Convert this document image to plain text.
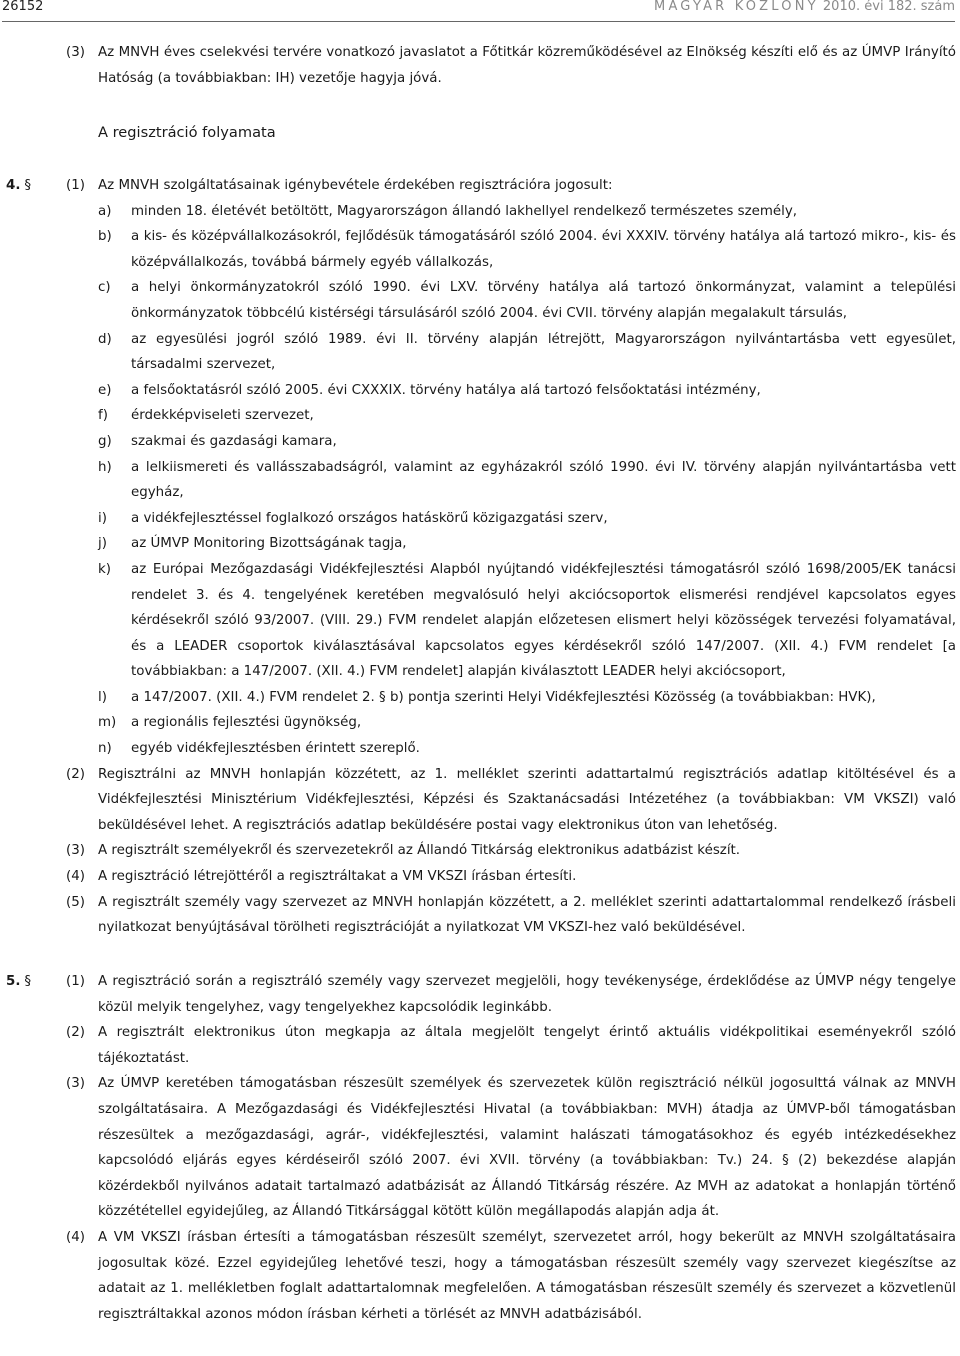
26152	MAGYAR KÖZLÖNY 2010. évi 182. szám
(3) Az MNVH éves cselekvési tervére vonatkozó javaslatot a Főtitkár közreműködésével az Elnökség készíti elő és az ÚMVP Irányító Hatóság (a továbbiakban: IH) vezetője hagyja jóvá.
A regisztráció folyamata
4. §	(1) Az MNVH szolgáltatásainak igénybevétele érdekében regisztrációra jogosult:
a) minden 18. életévét betöltött, Magyarországon állandó lakhellyel rendelkező természetes személy,
b) a kis- és középvállalkozásokról, fejlődésük támogatásáról szóló 2004. évi XXXIV. törvény hatálya alá tartozó mikro-, kis- és középvállalkozás, továbbá bármely egyéb vállalkozás,
c) a helyi önkormányzatokról szóló 1990. évi LXV. törvény hatálya alá tartozó önkormányzat, valamint a települési önkormányzatok többcélú kistérségi társulásáról szóló 2004. évi CVII. törvény alapján megalakult társulás,
d) az egyesülési jogról szóló 1989. évi II. törvény alapján létrejött, Magyarországon nyilvántartásba vett egyesület, társadalmi szervezet,
e) a felsőoktatásról szóló 2005. évi CXXXIX. törvény hatálya alá tartozó felsőoktatási intézmény,
f) érdekképviseleti szervezet,
g) szakmai és gazdasági kamara,
h) a lelkiismereti és vallásszabadságról, valamint az egyházakról szóló 1990. évi IV. törvény alapján nyilvántartásba vett egyház,
i) a vidékfejlesztéssel foglalkozó országos hatáskörű közigazgatási szerv,
j) az ÚMVP Monitoring Bizottságának tagja,
k) az Európai Mezőgazdasági Vidékfejlesztési Alapból nyújtandó vidékfejlesztési támogatásról szóló 1698/2005/EK tanácsi rendelet 3. és 4. tengelyének keretében megvalósuló helyi akciócsoportok elismerési rendjével kapcsolatos egyes kérdésekről szóló 93/2007. (VIII. 29.) FVM rendelet alapján előzetesen elismert helyi közösségek tervezési folyamatával, és a LEADER csoportok kiválasztásával kapcsolatos egyes kérdésekről szóló 147/2007. (XII. 4.) FVM rendelet [a továbbiakban: a 147/2007. (XII. 4.) FVM rendelet] alapján kiválasztott LEADER helyi akciócsoport,
l) a 147/2007. (XII. 4.) FVM rendelet 2. § b) pontja szerinti Helyi Vidékfejlesztési Közösség (a továbbiakban: HVK),
m) a regionális fejlesztési ügynökség,
n) egyéb vidékfejlesztésben érintett szereplő.
(2) Regisztrálni az MNVH honlapján közzétett, az 1. melléklet szerinti adattartalmú regisztrációs adatlap kitöltésével és a Vidékfejlesztési Minisztérium Vidékfejlesztési, Képzési és Szaktanácsadási Intézetéhez (a továbbiakban: VM VKSZI) való beküldésével lehet. A regisztrációs adatlap beküldésére postai vagy elektronikus úton van lehetőség.
(3) A regisztrált személyekről és szervezetekről az Állandó Titkárság elektronikus adatbázist készít.
(4) A regisztráció létrejöttéről a regisztráltakat a VM VKSZI írásban értesíti.
(5) A regisztrált személy vagy szervezet az MNVH honlapján közzétett, a 2. melléklet szerinti adattartalommal rendelkező írásbeli nyilatkozat benyújtásával törölheti regisztrációját a nyilatkozat VM VKSZI-hez való beküldésével.
5. §	(1) A regisztráció során a regisztráló személy vagy szervezet megjelöli, hogy tevékenysége, érdeklődése az ÚMVP négy tengelye közül melyik tengelyhez, vagy tengelyekhez kapcsolódik leginkább.
(2) A regisztrált elektronikus úton megkapja az általa megjelölt tengelyt érintő aktuális vidékpolitikai eseményekről szóló tájékoztatást.
(3) Az ÚMVP keretében támogatásban részesült személyek és szervezetek külön regisztráció nélkül jogosulttá válnak az MNVH szolgáltatásaira. A Mezőgazdasági és Vidékfejlesztési Hivatal (a továbbiakban: MVH) átadja az ÚMVP-ből támogatásban részesültek a mezőgazdasági, agrár-, vidékfejlesztési, valamint halászati támogatásokhoz és egyéb intézkedésekhez kapcsolódó eljárás egyes kérdéseiről szóló 2007. évi XVII. törvény (a továbbiakban: Tv.) 24. § (2) bekezdése alapján közérdekből nyilvános adatait tartalmazó adatbázisát az Állandó Titkárság részére. Az MVH az adatokat a honlapján történő közzététellel egyidejűleg, az Állandó Titkársággal kötött külön megállapodás alapján adja át.
(4) A VM VKSZI írásban értesíti a támogatásban részesült személyt, szervezetet arról, hogy bekerült az MNVH szolgáltatásaira jogosultak közé. Ezzel egyidejűleg lehetővé teszi, hogy a támogatásban részesült személy vagy szervezet kiegészítse az adatait az 1. mellékletben foglalt adattartalomnak megfelelően. A támogatásban részesült személy és szervezet a közvetlenül regisztráltakkal azonos módon írásban kérheti a törlését az MNVH adatbázisából.
